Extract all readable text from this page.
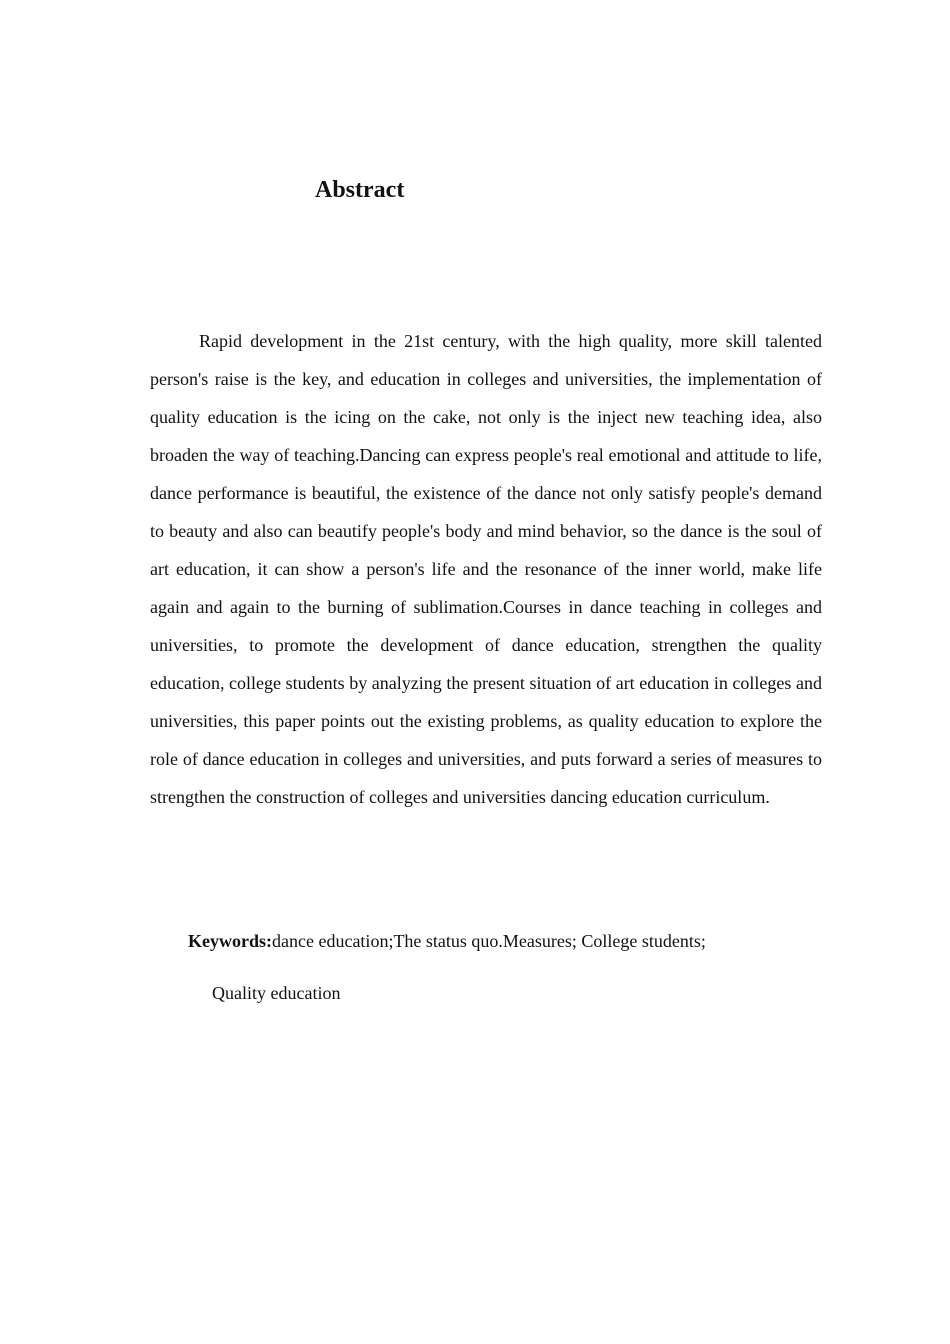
Abstract

Rapid development in the 21st century, with the high quality, more skill talented person's raise is the key, and education in colleges and universities, the implementation of quality education is the icing on the cake, not only is the inject new teaching idea, also broaden the way of teaching.Dancing can express people's real emotional and attitude to life, dance performance is beautiful, the existence of the dance not only satisfy people's demand to beauty and also can beautify people's body and mind behavior, so the dance is the soul of art education, it can show a person's life and the resonance of the inner world, make life again and again to the burning of sublimation.Courses in dance teaching in colleges and universities, to promote the development of dance education, strengthen the quality education, college students by analyzing the present situation of art education in colleges and universities, this paper points out the existing problems, as quality education to explore the role of dance education in colleges and universities, and puts forward a series of measures to strengthen the construction of colleges and universities dancing education curriculum.

Keywords:dance education;The status quo.Measures; College students;
Quality education
